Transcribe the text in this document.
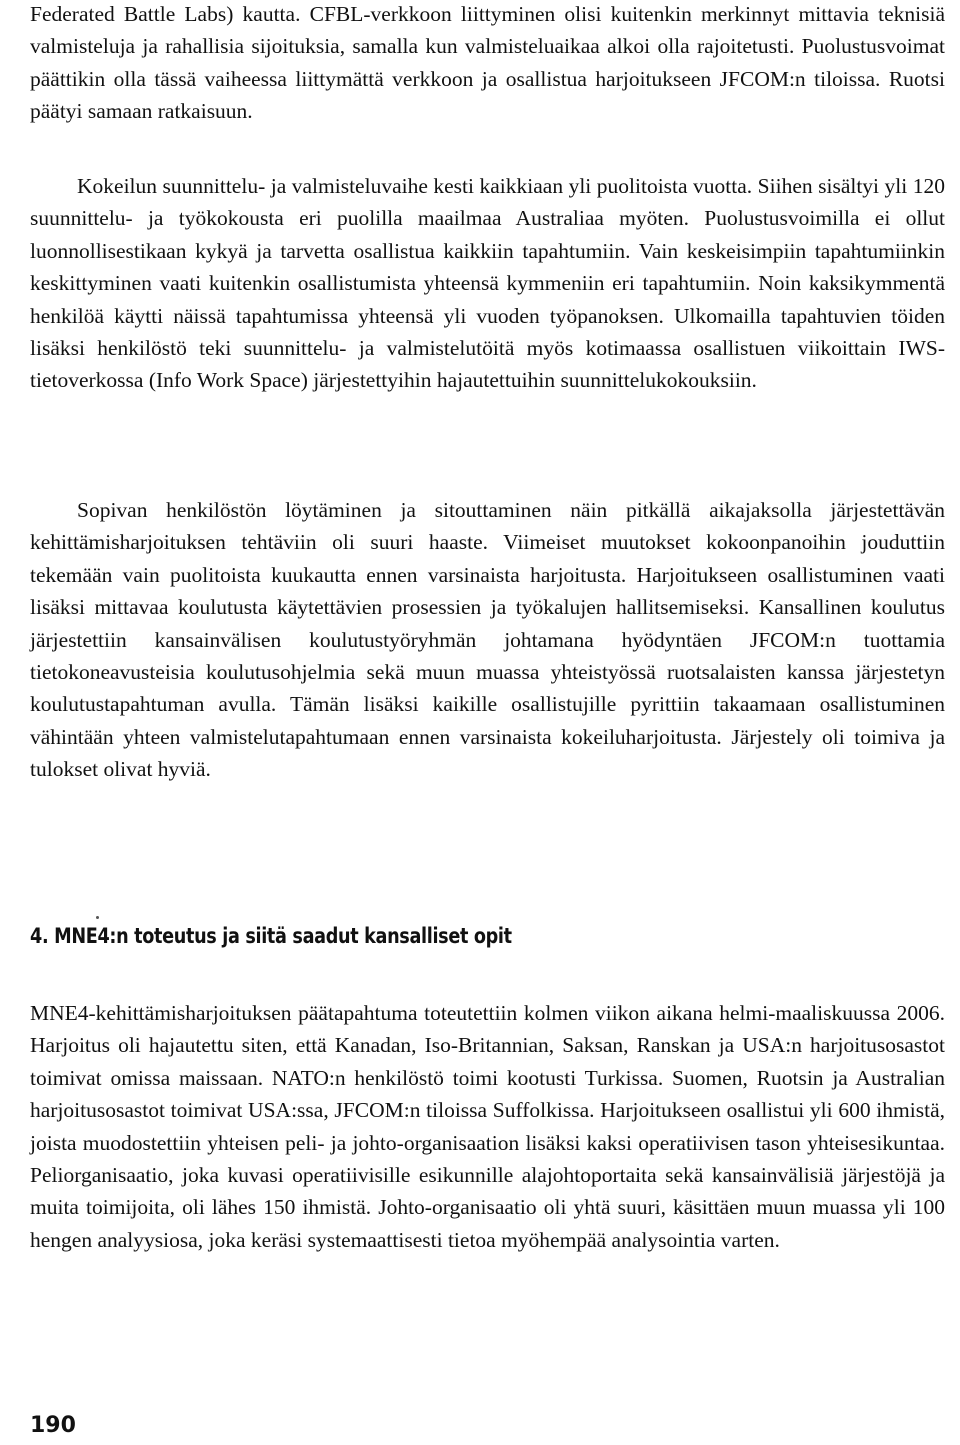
Federated Battle Labs) kautta. CFBL-verkkoon liittyminen olisi kuitenkin merkinnyt mittavia teknisiä valmisteluja ja rahallisia sijoituksia, samalla kun valmisteluaikaa alkoi olla rajoitetusti. Puolustusvoimat päättikin olla tässä vaiheessa liittymättä verkkoon ja osallistua harjoitukseen JFCOM:n tiloissa. Ruotsi päätyi samaan ratkaisuun.

Kokeilun suunnittelu- ja valmisteluvaihe kesti kaikkiaan yli puolitoista vuotta. Siihen sisältyi yli 120 suunnittelu- ja työkokousta eri puolilla maailmaa Australiaa myöten. Puolustusvoimilla ei ollut luonnollisestikaan kykyä ja tarvetta osallistua kaikkiin tapahtumiin. Vain keskeisimpiin tapahtumiinkin keskittyminen vaati kuitenkin osallistumista yhteensä kymmeniin eri tapahtumiin. Noin kaksikymmentä henkilöä käytti näissä tapahtumissa yhteensä yli vuoden työpanoksen. Ulkomailla tapahtuvien töiden lisäksi henkilöstö teki suunnittelu- ja valmistelutöitä myös kotimaassa osallistuen viikoittain IWS-tietoverkossa (Info Work Space) järjestettyihin hajautettuihin suunnittelukokouksiin.

Sopivan henkilöstön löytäminen ja sitouttaminen näin pitkällä aikajaksolla järjestettävän kehittämisharjoituksen tehtäviin oli suuri haaste. Viimeiset muutokset kokoonpanoihin jouduttiin tekemään vain puolitoista kuukautta ennen varsinaista harjoitusta. Harjoitukseen osallistuminen vaati lisäksi mittavaa koulutusta käytettävien prosessien ja työkalujen hallitsemiseksi. Kansallinen koulutus järjestettiin kansainvälisen koulutustyöryhmän johtamana hyödyntäen JFCOM:n tuottamia tietokoneavusteisia koulutusohjelmia sekä muun muassa yhteistyössä ruotsalaisten kanssa järjestetyn koulutustapahtuman avulla. Tämän lisäksi kaikille osallistujille pyrittiin takaamaan osallistuminen vähintään yhteen valmistelutapahtumaan ennen varsinaista kokeiluharjoitusta. Järjestely oli toimiva ja tulokset olivat hyviä.

4. MNE4:n toteutus ja siitä saadut kansalliset opit

MNE4-kehittämisharjoituksen päätapahtuma toteutettiin kolmen viikon aikana helmi-maaliskuussa 2006. Harjoitus oli hajautettu siten, että Kanadan, Iso-Britannian, Saksan, Ranskan ja USA:n harjoitusosastot toimivat omissa maissaan. NATO:n henkilöstö toimi kootusti Turkissa. Suomen, Ruotsin ja Australian harjoitusosastot toimivat USA:ssa, JFCOM:n tiloissa Suffolkissa. Harjoitukseen osallistui yli 600 ihmistä, joista muodostettiin yhteisen peli- ja johto-organisaation lisäksi kaksi operatiivisen tason yhteisesikuntaa. Peliorganisaatio, joka kuvasi operatiivisille esikunnille alajohtoportaita sekä kansainvälisiä järjestöjä ja muita toimijoita, oli lähes 150 ihmistä. Johto-organisaatio oli yhtä suuri, käsittäen muun muassa yli 100 hengen analyysiosa, joka keräsi systemaattisesti tietoa myöhempää analysointia varten.

190
